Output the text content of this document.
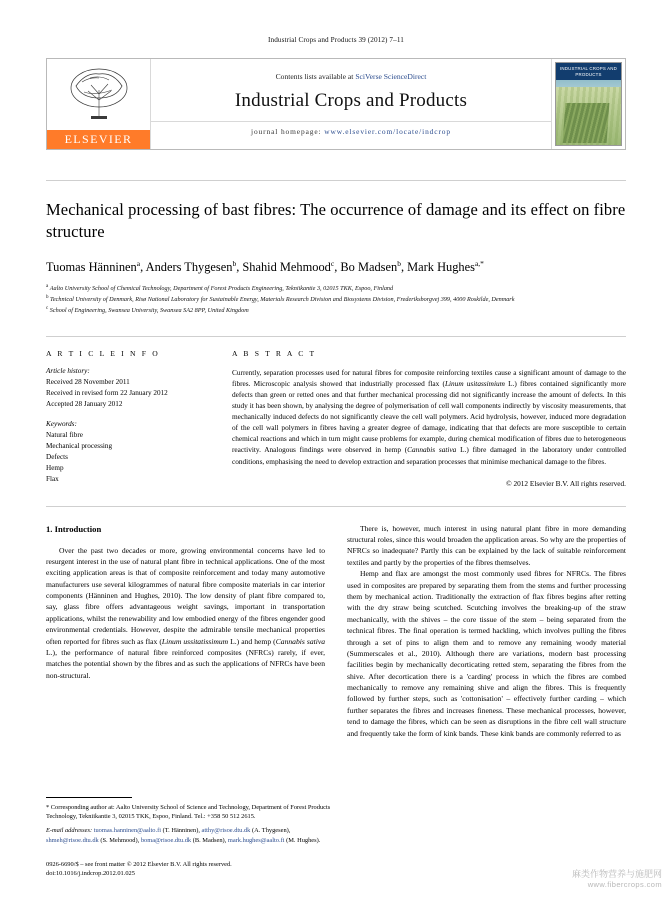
Industrial Crops and Products 39 (2012) 7–11
ELSEVIER
Contents lists available at SciVerse ScienceDirect
Industrial Crops and Products
journal homepage: www.elsevier.com/locate/indcrop
INDUSTRIAL CROPS AND PRODUCTS
Mechanical processing of bast fibres: The occurrence of damage and its effect on fibre structure
Tuomas Hänninen$^a$, Anders Thygesen$^b$, Shahid Mehmood$^c$, Bo Madsen$^b$, Mark Hughes$^{a,*}$
$^a$ Aalto University School of Chemical Technology, Department of Forest Products Engineering, Tekniikantie 3, 02015 TKK, Espoo, Finland
$^b$ Technical University of Denmark, Risø National Laboratory for Sustainable Energy, Materials Research Division and Biosystems Division, Frederiksborgvej 399, 4000 Roskilde, Denmark
$^c$ School of Engineering, Swansea University, Swansea SA2 8PP, United Kingdom
A R T I C L E I N F O
Article history:
Received 28 November 2011
Received in revised form 22 January 2012
Accepted 28 January 2012
Keywords:
Natural fibre
Mechanical processing
Defects
Hemp
Flax
A B S T R A C T
Currently, separation processes used for natural fibres for composite reinforcing textiles cause a significant amount of damage to the fibres. Microscopic analysis showed that industrially processed flax (Linum usitassimium L.) fibres contained significantly more defects than green or retted ones and that further mechanical processing did not significantly increase the amount of defects. In this study it has been shown, by analysing the degree of polymerisation of cell wall components indirectly by viscosity measurements, that mechanically induced defects do not significantly cleave the cell wall polymers. Acid hydrolysis, however, induced more degradation of the cell wall polymers in fibres having a greater degree of damage, indicating that that defects are more susceptible to certain chemical reactions and which in turn might cause problems for example, during chemical modification of fibres due to heterogeneous reactivity. Analogous findings were observed in hemp (Cannabis sativa L.) fibre damaged in the laboratory under controlled conditions, emphasising the need to develop extraction and separation processes that minimise mechanical damage to the fibres.
© 2012 Elsevier B.V. All rights reserved.
1. Introduction

Over the past two decades or more, growing environmental concerns have led to resurgent interest in the use of natural plant fibre in technical applications. One of the most exciting application areas is that of composite reinforcement and today many automotive manufacturers use several kilogrammes of natural fibre composite materials in car interior components (Hänninen and Hughes, 2010). The low density of plant fibre compared to, say, glass fibre offers advantageous weight savings, important in transportation applications, whilst the renewability and low embodied energy of the fibres engender good environmental credentials. However, despite the admirable tensile mechanical properties often reported for fibres such as flax (Linum ussitatissimum L.) and hemp (Cannabis sativa L.), the performance of natural fibre reinforced composites (NFRCs) rarely, if ever, matches the potential shown by the fibres and as such the applications of NFRCs have been non-structural.

There is, however, much interest in using natural plant fibre in more demanding structural roles, since this would broaden the application areas. So why are the properties of NFRCs so inadequate? Partly this can be explained by the lack of suitable reinforcement textiles and partly by the properties of the fibres themselves.

Hemp and flax are amongst the most commonly used fibres for NFRCs. The fibres used in composites are prepared by separating them from the stems and further processing them by mechanical action. Traditionally the extraction of flax fibres begins after retting with the dry straw being scutched. Scutching involves the breaking-up of the straw mechanically, with the shives – the core tissue of the stem – being separated from the technical fibres. The final operation is termed hackling, which involves pulling the fibres through a set of pins to align them and to remove any remaining woody material (Summerscales et al., 2010). Although there are variations, modern bast processing facilities begin by mechanically decorticating retted stem, separating the fibres from the shive. After decortication there is a 'carding' process in which the fibres are combed mechanically to remove any remaining shive and align the fibres. This is frequently followed by further steps, such as 'cottonisation' – effectively further carding – which further separates the fibres and increases fineness. These mechanical processes, however, tend to damage the fibres, which can be seen as disruptions in the fibre cell wall structure and frequently take the form of kink bands. These kink bands are commonly referred to as

* Corresponding author at: Aalto University School of Science and Technology, Department of Forest Products Technology, Tekniikantie 3, 02015 TKK, Espoo, Finland. Tel.: +358 50 512 2615.
E-mail addresses: tuomas.hanninen@aalto.fi (T. Hänninen), atthy@risoe.dtu.dk (A. Thygesen), shmeh@risoe.dtu.dk (S. Mehmood), boma@risoe.dtu.dk (B. Madsen), mark.hughes@aalto.fi (M. Hughes).
0926-6690/$ – see front matter © 2012 Elsevier B.V. All rights reserved.
doi:10.1016/j.indcrop.2012.01.025	麻类作物营养与施肥网
www.fibercrops.com
